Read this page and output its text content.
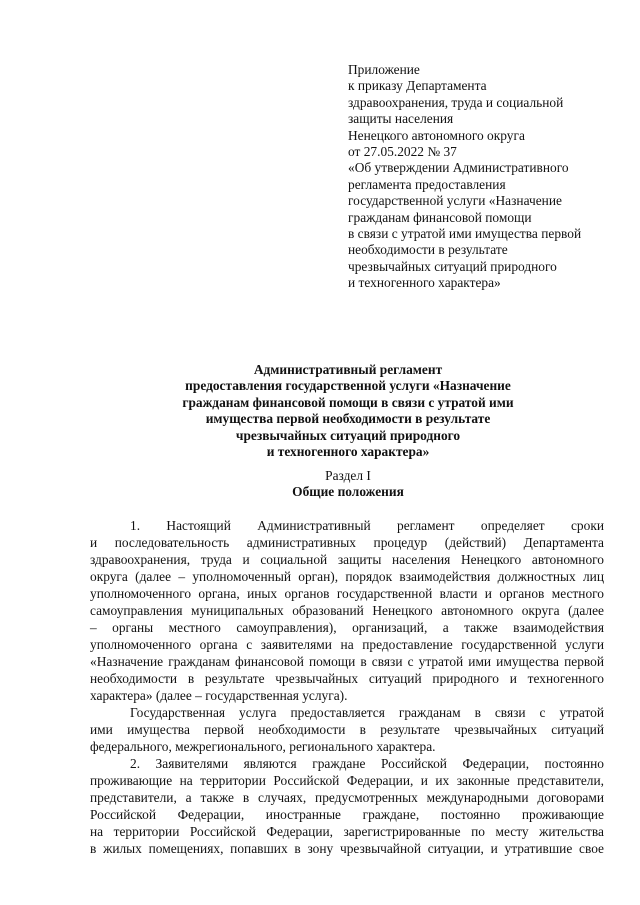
Приложение
к приказу Департамента
здравоохранения, труда и социальной
защиты населения
Ненецкого автономного округа
от 27.05.2022 № 37
«Об утверждении Административного
регламента предоставления
государственной услуги «Назначение
гражданам финансовой помощи
в связи с утратой ими имущества первой
необходимости в результате
чрезвычайных ситуаций природного
и техногенного характера»
Административный регламент
предоставления государственной услуги «Назначение
гражданам финансовой помощи в связи с утратой ими
имущества первой необходимости в результате
чрезвычайных ситуаций природного
и техногенного характера»
Раздел I
Общие положения
1. Настоящий Административный регламент определяет сроки
и последовательность административных процедур (действий) Департамента
здравоохранения, труда и социальной защиты населения Ненецкого автономного
округа (далее – уполномоченный орган), порядок взаимодействия должностных лиц
уполномоченного органа, иных органов государственной власти и органов местного
самоуправления муниципальных образований Ненецкого автономного округа (далее
– органы местного самоуправления), организаций, а также взаимодействия
уполномоченного органа с заявителями на предоставление государственной услуги
«Назначение гражданам финансовой помощи в связи с утратой ими имущества первой
необходимости в результате чрезвычайных ситуаций природного и техногенного
характера» (далее – государственная услуга).
Государственная услуга предоставляется гражданам в связи с утратой
ими имущества первой необходимости в результате чрезвычайных ситуаций
федерального, межрегионального, регионального характера.
2. Заявителями являются граждане Российской Федерации, постоянно
проживающие на территории Российской Федерации, и их законные представители,
представители, а также в случаях, предусмотренных международными договорами
Российской Федерации, иностранные граждане, постоянно проживающие
на территории Российской Федерации, зарегистрированные по месту жительства
в жилых помещениях, попавших в зону чрезвычайной ситуации, и утратившие свое
